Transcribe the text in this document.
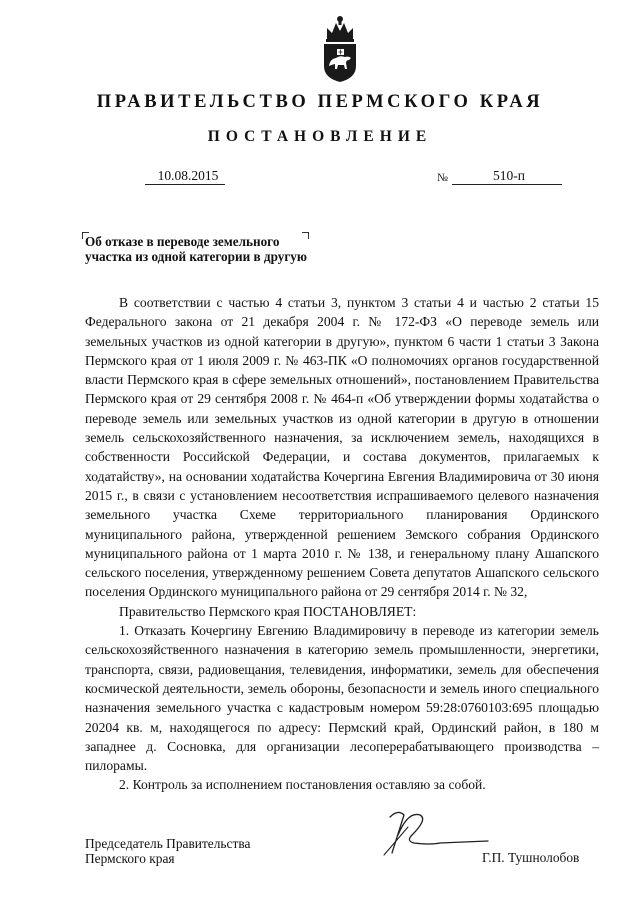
ПРАВИТЕЛЬСТВО ПЕРМСКОГО КРАЯ
ПОСТАНОВЛЕНИЕ
10.08.2015	№	510-п
Об отказе в переводе земельного
участка из одной категории в другую

В соответствии с частью 4 статьи 3, пунктом 3 статьи 4 и частью 2 статьи 15 Федерального закона от 21 декабря 2004 г. № 172-ФЗ «О переводе земель или земельных участков из одной категории в другую», пунктом 6 части 1 статьи 3 Закона Пермского края от 1 июля 2009 г. № 463-ПК «О полномочиях органов государственной власти Пермского края в сфере земельных отношений», постановлением Правительства Пермского края от 29 сентября 2008 г. № 464-п «Об утверждении формы ходатайства о переводе земель или земельных участков из одной категории в другую в отношении земель сельскохозяйственного назначения, за исключением земель, находящихся в собственности Российской Федерации, и состава документов, прилагаемых к ходатайству», на основании ходатайства Кочергина Евгения Владимировича от 30 июня 2015 г., в связи с установлением несоответствия испрашиваемого целевого назначения земельного участка Схеме территориального планирования Ординского муниципального района, утвержденной решением Земского собрания Ординского муниципального района от 1 марта 2010 г. № 138, и генеральному плану Ашапского сельского поселения, утвержденному решением Совета депутатов Ашапского сельского поселения Ординского муниципального района от 29 сентября 2014 г. № 32,

Правительство Пермского края ПОСТАНОВЛЯЕТ:

1. Отказать Кочергину Евгению Владимировичу в переводе из категории земель сельскохозяйственного назначения в категорию земель промышленности, энергетики, транспорта, связи, радиовещания, телевидения, информатики, земель для обеспечения космической деятельности, земель обороны, безопасности и земель иного специального назначения земельного участка с кадастровым номером 59:28:0760103:695 площадью 20204 кв. м, находящегося по адресу: Пермский край, Ординский район, в 180 м западнее д. Сосновка, для организации лесоперерабатывающего производства – пилорамы.

2. Контроль за исполнением постановления оставляю за собой.

Председатель Правительства
Пермского края	Г.П. Тушнолобов
